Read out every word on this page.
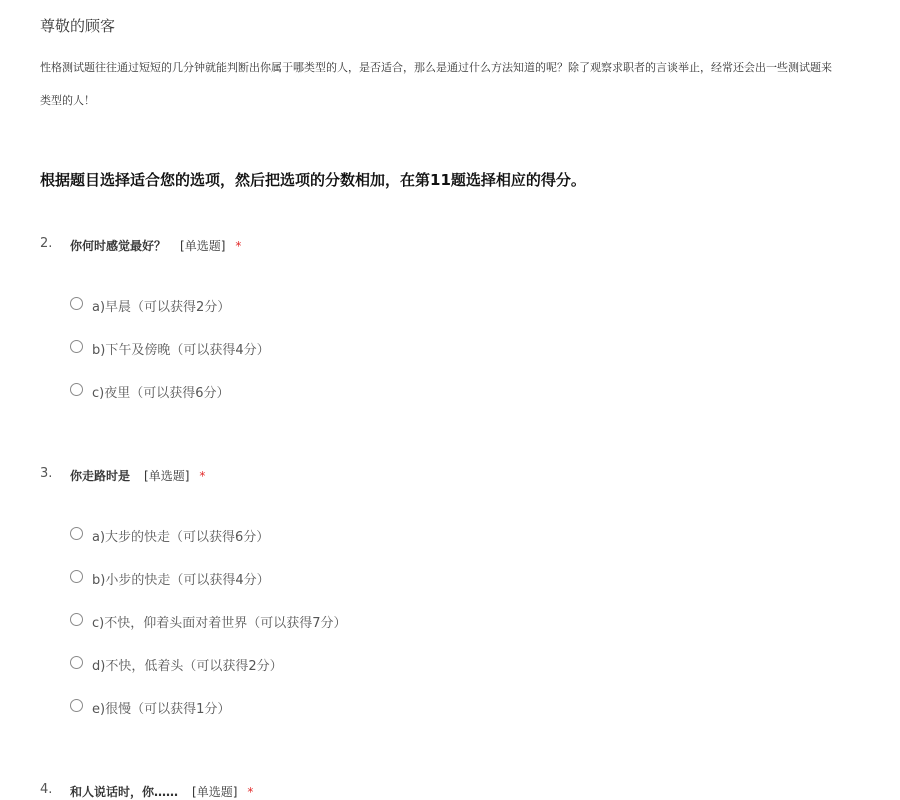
尊敬的顾客
性格测试题往往通过短短的几分钟就能判断出你属于哪类型的人，是否适合，那么是通过什么方法知道的呢？除了观察求职者的言谈举止，经常还会出一些测试题来
类型的人！
根据题目选择适合您的选项，然后把选项的分数相加，在第11题选择相应的得分。
2. 你何时感觉最好？ [单选题] *
a)早晨（可以获得2分）
b)下午及傍晚（可以获得4分）
c)夜里（可以获得6分）
3. 你走路时是 [单选题] *
a)大步的快走（可以获得6分）
b)小步的快走（可以获得4分）
c)不快，仰着头面对着世界（可以获得7分）
d)不快，低着头（可以获得2分）
e)很慢（可以获得1分）
4. 和人说话时，你…… [单选题] *
